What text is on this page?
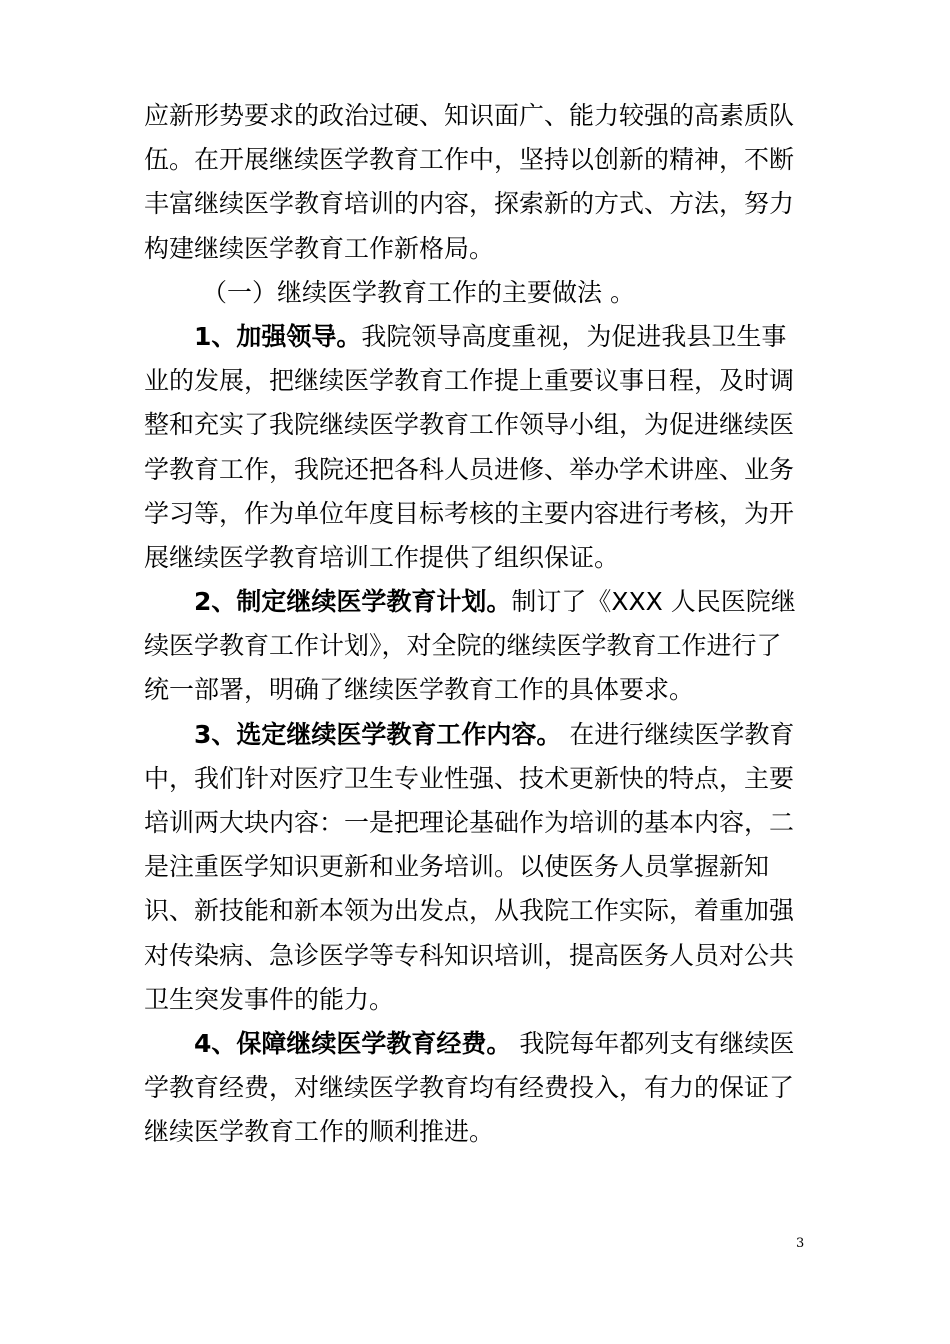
应新形势要求的政治过硬、知识面广、能力较强的高素质队
伍。在开展继续医学教育工作中，坚持以创新的精神，不断
丰富继续医学教育培训的内容，探索新的方式、方法，努力
构建继续医学教育工作新格局。
（一）继续医学教育工作的主要做法 。
1、加强领导。我院领导高度重视，为促进我县卫生事
业的发展，把继续医学教育工作提上重要议事日程，及时调
整和充实了我院继续医学教育工作领导小组，为促进继续医
学教育工作，我院还把各科人员进修、举办学术讲座、业务
学习等，作为单位年度目标考核的主要内容进行考核，为开
展继续医学教育培训工作提供了组织保证。
2、制定继续医学教育计划。制订了《XXX 人民医院继
续医学教育工作计划》，对全院的继续医学教育工作进行了
统一部署，明确了继续医学教育工作的具体要求。
3、选定继续医学教育工作内容。 在进行继续医学教育
中，我们针对医疗卫生专业性强、技术更新快的特点，主要
培训两大块内容：一是把理论基础作为培训的基本内容，二
是注重医学知识更新和业务培训。以使医务人员掌握新知
识、新技能和新本领为出发点，从我院工作实际，着重加强
对传染病、急诊医学等专科知识培训，提高医务人员对公共
卫生突发事件的能力。
4、保障继续医学教育经费。 我院每年都列支有继续医
学教育经费，对继续医学教育均有经费投入，有力的保证了
继续医学教育工作的顺利推进。
3
